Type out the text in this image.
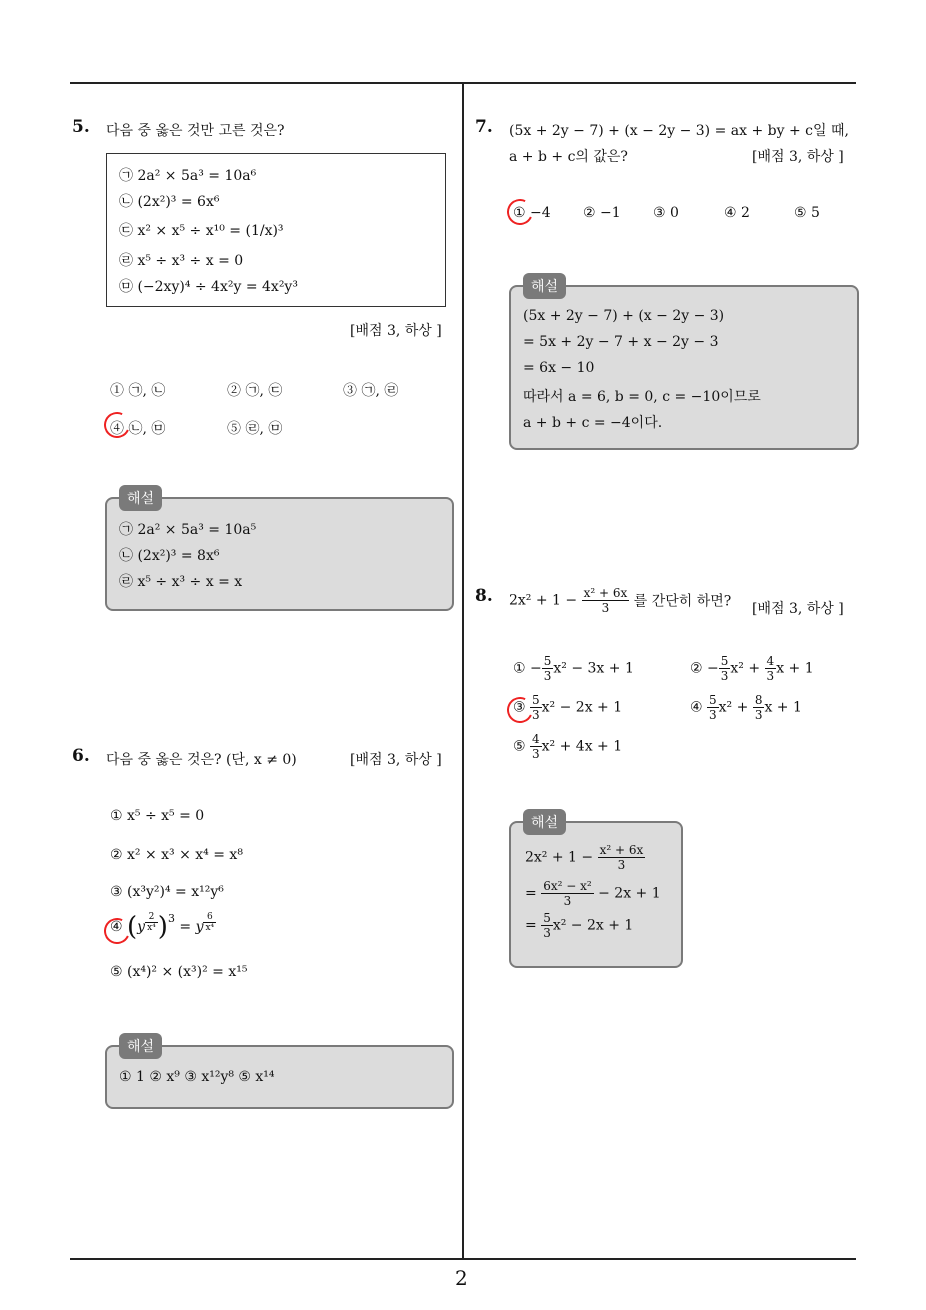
2
5. 다음 중 옳은 것만 고른 것은?
㉠ 2a² × 5a³ = 10a⁶
㉡ (2x²)³ = 6x⁶
㉢ x² × x⁵ ÷ x¹⁰ = (1/x)³
㉣ x⁵ ÷ x³ ÷ x = 0
㉤ (−2xy)⁴ ÷ 4x²y = 4x²y³
[배점 3, 하상 ]
① ㉠, ㉡	② ㉠, ㉢	③ ㉠, ㉣
④ ㉡, ㉤	⑤ ㉣, ㉤
㉠ 2a² × 5a³ = 10a⁵
㉡ (2x²)³ = 8x⁶
㉣ x⁵ ÷ x³ ÷ x = x
해설
6. 다음 중 옳은 것은? (단, x ≠ 0)	[배점 3, 하상 ]
① x⁵ ÷ x⁵ = 0
② x² × x³ × x⁴ = x⁸
③ (x³y²)⁴ = x¹²y⁶
④ $(y \frac{2}{\text{x⁴}} )^3 = y \frac{6}{\text{x⁴}}$
⑤ (x⁴)² × (x³)² = x¹⁵
① 1 ② x⁹ ③ x¹²y⁸ ⑤ x¹⁴
해설
7. (5x + 2y − 7) + (x − 2y − 3) = ax + by + c일 때,
a + b + c의 값은?	[배점 3, 하상 ]
① −4 ② −1 ③ 0	④ 2	⑤ 5
(5x + 2y − 7) + (x − 2y − 3)
= 5x + 2y − 7 + x − 2y − 3
= 6x − 10
따라서 a = 6, b = 0, c = −10이므로
a + b + c = −4이다.
해설
8. $2x^2 + 1 - \frac{\text{x² + 6x}}{3}$ 를 간단히 하면? [배점 3, 하상 ]
① − $\frac{5}{3} x^2 - 3x + 1$	② − $\frac{5}{3} x^2 + \frac{4}{3}$ x + 1
③ $\frac{5}{3} x^2 - 2x + 1$	④ $\frac{5}{3} x^2 + \frac{8}{3}$ x + 1
⑤ $\frac{4}{3} x^2 + 4x + 1$
$2x^2 + 1 - \frac{\text{x² + 6x}}{3}$
= $\frac{\text{6x² − x²}}{3} - 2x + 1$
= $\frac{5}{3} x^2 - 2x + 1$
해설
